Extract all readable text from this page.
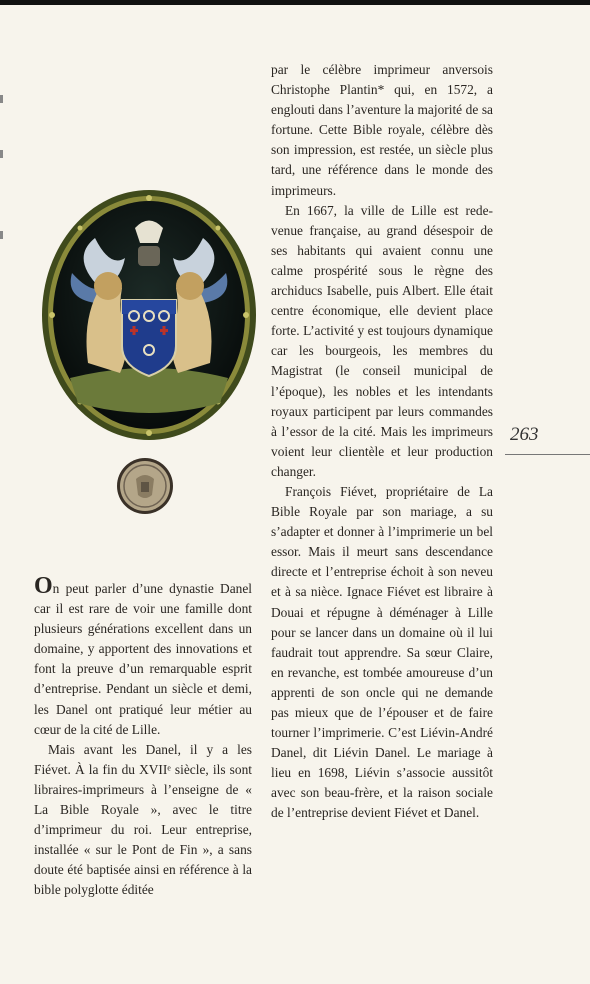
par le célèbre imprimeur anversois Christophe Plantin* qui, en 1572, a englouti dans l’aventure la majorité de sa fortune. Cette Bible royale, célèbre dès son impression, est restée, un siècle plus tard, une référence dans le monde des imprimeurs.

En 1667, la ville de Lille est redevenue française, au grand désespoir de ses habitants qui avaient connu une calme prospérité sous le règne des archiducs Isabelle, puis Albert. Elle était centre économique, elle devient place forte. L’activité y est toujours dynamique car les bourgeois, les membres du Magistrat (le conseil municipal de l’époque), les nobles et les intendants royaux participent par leurs commandes à l’essor de la cité. Mais les imprimeurs voient leur clientèle et leur production changer.

François Fiévet, propriétaire de La Bible Royale par son mariage, a su s’adapter et donner à l’imprimerie un bel essor. Mais il meurt sans descendance directe et l’entreprise échoit à son neveu et à sa nièce. Ignace Fiévet est libraire à Douai et répugne à déménager à Lille pour se lancer dans un domaine où il lui faudrait tout apprendre. Sa sœur Claire, en revanche, est tombée amoureuse d’un apprenti de son oncle qui ne demande pas mieux que de l’épouser et de faire tourner l’imprimerie. C’est Liévin-André Danel, dit Liévin Danel. Le mariage à lieu en 1698, Liévin s’associe aussitôt avec son beau-frère, et la raison sociale de l’entreprise devient Fiévet et Danel.

263

On peut parler d’une dynastie Danel car il est rare de voir une famille dont plusieurs générations excellent dans un domaine, y apportent des innovations et font la preuve d’un remarquable esprit d’entreprise. Pendant un siècle et demi, les Danel ont pratiqué leur métier au cœur de la cité de Lille.

Mais avant les Danel, il y a les Fiévet. À la fin du XVIIᵉ siècle, ils sont libraires-imprimeurs à l’enseigne de « La Bible Royale », avec le titre d’imprimeur du roi. Leur entreprise, installée « sur le Pont de Fin », a sans doute été baptisée ainsi en référence à la bible polyglotte éditée
